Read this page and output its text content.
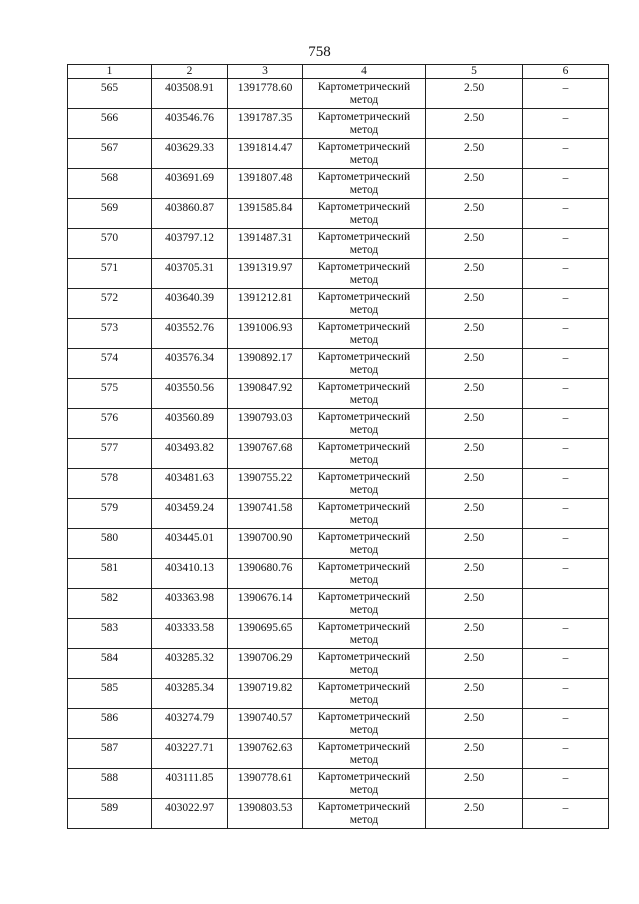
758
1	2	3	4	5	6
565	403508.91	1391778.60	Картометрический
метод	2.50	–
566	403546.76	1391787.35	Картометрический
метод	2.50	–
567	403629.33	1391814.47	Картометрический
метод	2.50	–
568	403691.69	1391807.48	Картометрический
метод	2.50	–
569	403860.87	1391585.84	Картометрический
метод	2.50	–
570	403797.12	1391487.31	Картометрический
метод	2.50	–
571	403705.31	1391319.97	Картометрический
метод	2.50	–
572	403640.39	1391212.81	Картометрический
метод	2.50	–
573	403552.76	1391006.93	Картометрический
метод	2.50	–
574	403576.34	1390892.17	Картометрический
метод	2.50	–
575	403550.56	1390847.92	Картометрический
метод	2.50	–
576	403560.89	1390793.03	Картометрический
метод	2.50	–
577	403493.82	1390767.68	Картометрический
метод	2.50	–
578	403481.63	1390755.22	Картометрический
метод	2.50	–
579	403459.24	1390741.58	Картометрический
метод	2.50	–
580	403445.01	1390700.90	Картометрический
метод	2.50	–
581	403410.13	1390680.76	Картометрический
метод	2.50	–
582	403363.98	1390676.14	Картометрический
метод	2.50	
583	403333.58	1390695.65	Картометрический
метод	2.50	–
584	403285.32	1390706.29	Картометрический
метод	2.50	–
585	403285.34	1390719.82	Картометрический
метод	2.50	–
586	403274.79	1390740.57	Картометрический
метод	2.50	–
587	403227.71	1390762.63	Картометрический
метод	2.50	–
588	403111.85	1390778.61	Картометрический
метод	2.50	–
589	403022.97	1390803.53	Картометрический
метод	2.50	–
